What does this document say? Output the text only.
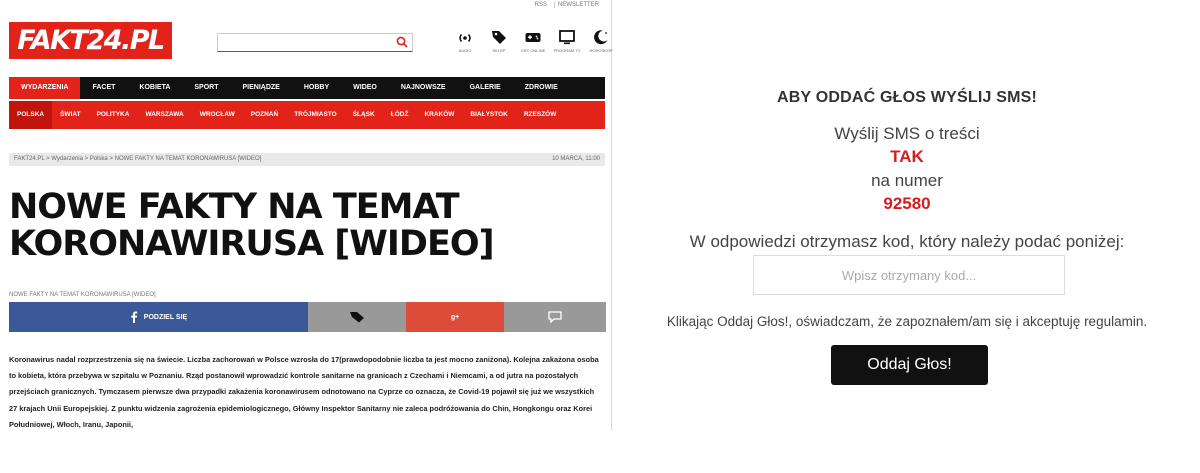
RSS	NEWSLETTER
FAKT24.PL	AUDIO	SKLEP	GRY ONLINE PROGRAM TV HOROSKOP
WYDARZENIA	FACET	KOBIETA	SPORT	PIENIĄDZE	HOBBY	WIDEO	NAJNOWSZE	GALERIE	ZDROWIE
POLSKA	ŚWIAT	POLITYKA	WARSZAWA	WROCŁAW	POZNAŃ	TRÓJMIASTO	ŚLĄSK	ŁÓDŹ	KRAKÓW	BIAŁYSTOK	RZESZÓW
FAKT24.PL > Wydarzenia > Polska > NOWE FAKTY NA TEMAT KORONAWIRUSA [WIDEO]	10 MARCA, 11:00
NOWE FAKTY NA TEMAT KORONAWIRUSA [WIDEO]
NOWE FAKTY NA TEMAT KORONAWIRUSA [WIDEO]
PODZIEL SIĘ	g+

Koronawirus nadal rozprzestrzenia się na świecie. Liczba zachorowań w Polsce wzrosła do 17(prawdopodobnie liczba ta jest mocno zaniżona). Kolejna zakażona osoba to kobieta, która przebywa w szpitalu w Poznaniu. Rząd postanowił wprowadzić kontrole sanitarne na granicach z Czechami i Niemcami, a od jutra na pozostałych przejściach granicznych. Tymczasem pierwsze dwa przypadki zakażenia koronawirusem odnotowano na Cyprze co oznacza, że Covid-19 pojawił się już we wszystkich 27 krajach Unii Europejskiej. Z punktu widzenia zagrożenia epidemiologicznego, Główny Inspektor Sanitarny nie zaleca podróżowania do Chin, Hongkongu oraz Korei Południowej, Włoch, Iranu, Japonii,

ABY ODDAĆ GŁOS WYŚLIJ SMS!
Wyślij SMS o treści
TAK
na numer
92580
W odpowiedzi otrzymasz kod, który należy podać poniżej:
Wpisz otrzymany kod...
Klikając Oddaj Głos!, oświadczam, że zapoznałem/am się i akceptuję regulamin.
Oddaj Głos!
